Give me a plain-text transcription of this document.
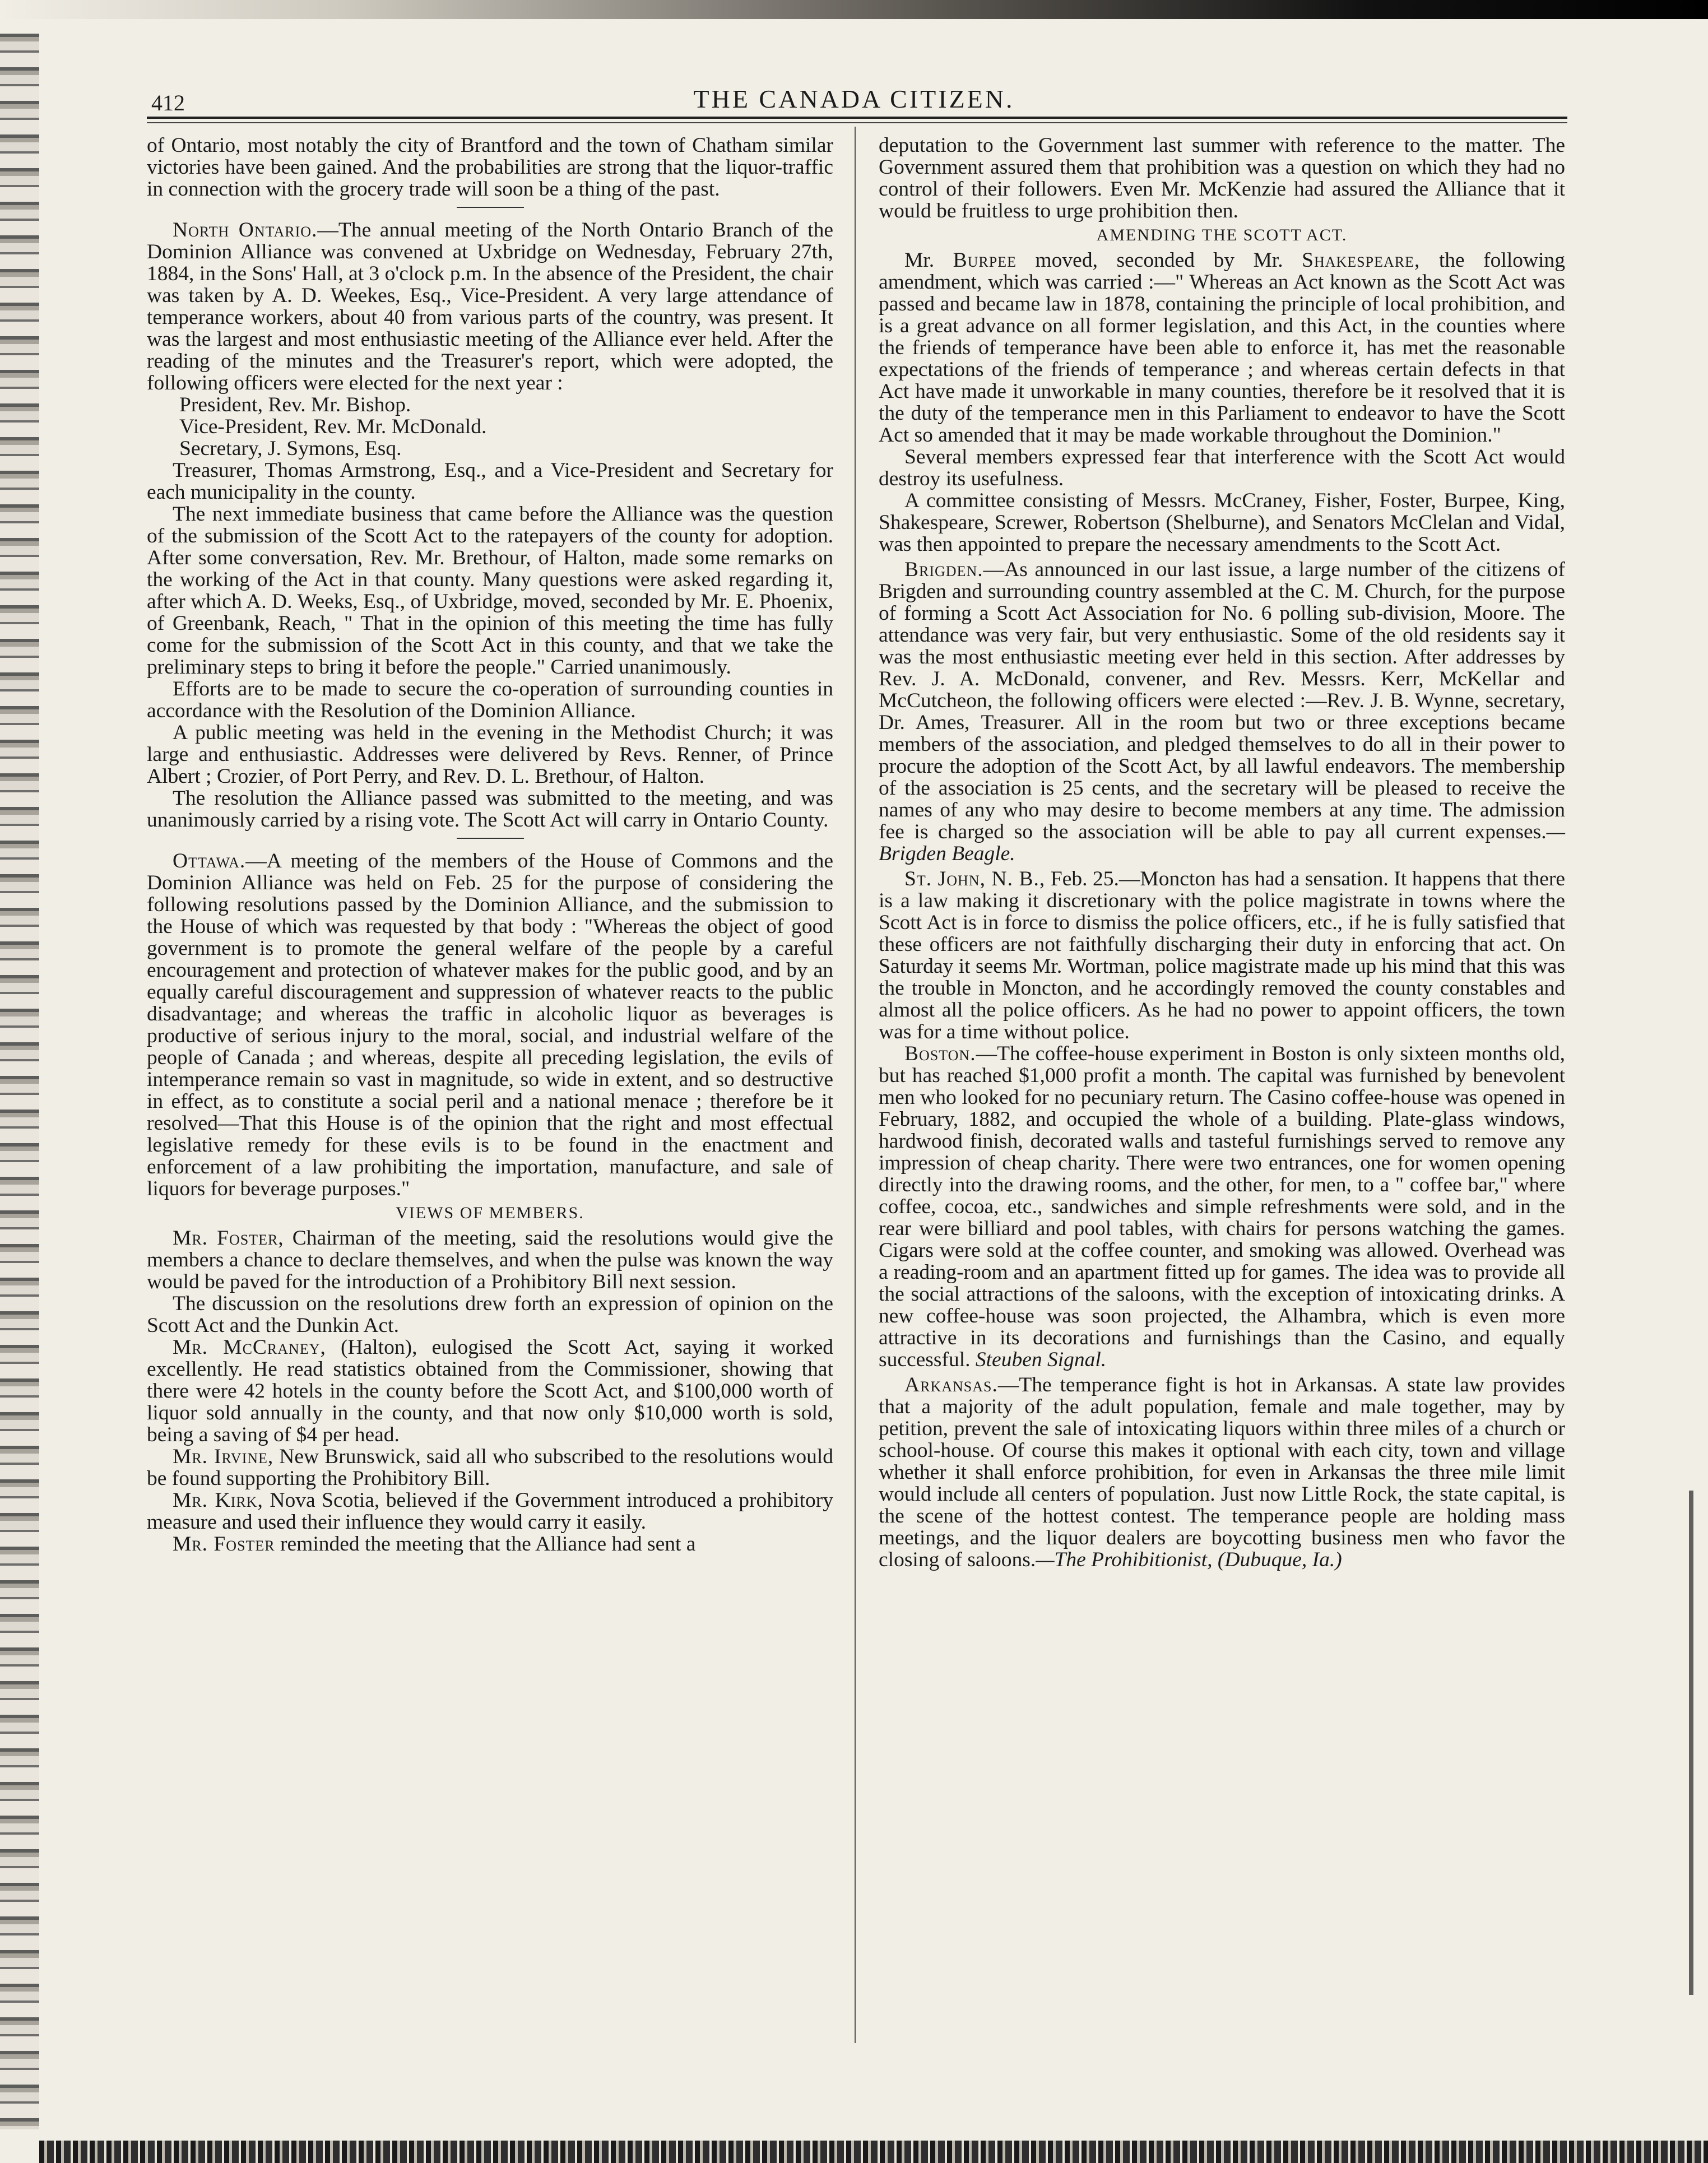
412	THE CANADA CITIZEN.

of Ontario, most notably the city of Brantford and the town of Chatham similar victories have been gained. And the probabilities are strong that the liquor-traffic in connection with the grocery trade will soon be a thing of the past.

North Ontario.—The annual meeting of the North Ontario Branch of the Dominion Alliance was convened at Uxbridge on Wednesday, February 27th, 1884, in the Sons' Hall, at 3 o'clock p.m. In the absence of the President, the chair was taken by A. D. Weekes, Esq., Vice-President. A very large attendance of temperance workers, about 40 from various parts of the country, was present. It was the largest and most enthusiastic meeting of the Alliance ever held. After the reading of the minutes and the Treasurer's report, which were adopted, the following officers were elected for the next year :

President, Rev. Mr. Bishop.

Vice-President, Rev. Mr. McDonald.

Secretary, J. Symons, Esq.

Treasurer, Thomas Armstrong, Esq., and a Vice-President and Secretary for each municipality in the county.

The next immediate business that came before the Alliance was the question of the submission of the Scott Act to the ratepayers of the county for adoption. After some conversation, Rev. Mr. Brethour, of Halton, made some remarks on the working of the Act in that county. Many questions were asked regarding it, after which A. D. Weeks, Esq., of Uxbridge, moved, seconded by Mr. E. Phoenix, of Greenbank, Reach, " That in the opinion of this meeting the time has fully come for the submission of the Scott Act in this county, and that we take the preliminary steps to bring it before the people." Carried unanimously.

Efforts are to be made to secure the co-operation of surrounding counties in accordance with the Resolution of the Dominion Alliance.

A public meeting was held in the evening in the Methodist Church; it was large and enthusiastic. Addresses were delivered by Revs. Renner, of Prince Albert ; Crozier, of Port Perry, and Rev. D. L. Brethour, of Halton.

The resolution the Alliance passed was submitted to the meeting, and was unanimously carried by a rising vote. The Scott Act will carry in Ontario County.

Ottawa.—A meeting of the members of the House of Commons and the Dominion Alliance was held on Feb. 25 for the purpose of considering the following resolutions passed by the Dominion Alliance, and the submission to the House of which was requested by that body : "Whereas the object of good government is to promote the general welfare of the people by a careful encouragement and protection of whatever makes for the public good, and by an equally careful discouragement and suppression of whatever reacts to the public disadvantage; and whereas the traffic in alcoholic liquor as beverages is productive of serious injury to the moral, social, and industrial welfare of the people of Canada ; and whereas, despite all preceding legislation, the evils of intemperance remain so vast in magnitude, so wide in extent, and so destructive in effect, as to constitute a social peril and a national menace ; therefore be it resolved—That this House is of the opinion that the right and most effectual legislative remedy for these evils is to be found in the enactment and enforcement of a law prohibiting the importation, manufacture, and sale of liquors for beverage purposes."

VIEWS OF MEMBERS.

Mr. Foster, Chairman of the meeting, said the resolutions would give the members a chance to declare themselves, and when the pulse was known the way would be paved for the introduction of a Prohibitory Bill next session.

The discussion on the resolutions drew forth an expression of opinion on the Scott Act and the Dunkin Act.

Mr. McCraney, (Halton), eulogised the Scott Act, saying it worked excellently. He read statistics obtained from the Commissioner, showing that there were 42 hotels in the county before the Scott Act, and $100,000 worth of liquor sold annually in the county, and that now only $10,000 worth is sold, being a saving of $4 per head.

Mr. Irvine, New Brunswick, said all who subscribed to the resolutions would be found supporting the Prohibitory Bill.

Mr. Kirk, Nova Scotia, believed if the Government introduced a prohibitory measure and used their influence they would carry it easily.

Mr. Foster reminded the meeting that the Alliance had sent a

deputation to the Government last summer with reference to the matter. The Government assured them that prohibition was a question on which they had no control of their followers. Even Mr. McKenzie had assured the Alliance that it would be fruitless to urge prohibition then.

AMENDING THE SCOTT ACT.

Mr. Burpee moved, seconded by Mr. Shakespeare, the following amendment, which was carried :—" Whereas an Act known as the Scott Act was passed and became law in 1878, containing the principle of local prohibition, and is a great advance on all former legislation, and this Act, in the counties where the friends of temperance have been able to enforce it, has met the reasonable expectations of the friends of temperance ; and whereas certain defects in that Act have made it unworkable in many counties, therefore be it resolved that it is the duty of the temperance men in this Parliament to endeavor to have the Scott Act so amended that it may be made workable throughout the Dominion."

Several members expressed fear that interference with the Scott Act would destroy its usefulness.

A committee consisting of Messrs. McCraney, Fisher, Foster, Burpee, King, Shakespeare, Screwer, Robertson (Shelburne), and Senators McClelan and Vidal, was then appointed to prepare the necessary amendments to the Scott Act.

Brigden.—As announced in our last issue, a large number of the citizens of Brigden and surrounding country assembled at the C. M. Church, for the purpose of forming a Scott Act Association for No. 6 polling sub-division, Moore. The attendance was very fair, but very enthusiastic. Some of the old residents say it was the most enthusiastic meeting ever held in this section. After addresses by Rev. J. A. McDonald, convener, and Rev. Messrs. Kerr, McKellar and McCutcheon, the following officers were elected :—Rev. J. B. Wynne, secretary, Dr. Ames, Treasurer. All in the room but two or three exceptions became members of the association, and pledged themselves to do all in their power to procure the adoption of the Scott Act, by all lawful endeavors. The membership of the association is 25 cents, and the secretary will be pleased to receive the names of any who may desire to become members at any time. The admission fee is charged so the association will be able to pay all current expenses.—Brigden Beagle.

St. John, N. B., Feb. 25.—Moncton has had a sensation. It happens that there is a law making it discretionary with the police magistrate in towns where the Scott Act is in force to dismiss the police officers, etc., if he is fully satisfied that these officers are not faithfully discharging their duty in enforcing that act. On Saturday it seems Mr. Wortman, police magistrate made up his mind that this was the trouble in Moncton, and he accordingly removed the county constables and almost all the police officers. As he had no power to appoint officers, the town was for a time without police.

Boston.—The coffee-house experiment in Boston is only sixteen months old, but has reached $1,000 profit a month. The capital was furnished by benevolent men who looked for no pecuniary return. The Casino coffee-house was opened in February, 1882, and occupied the whole of a building. Plate-glass windows, hardwood finish, decorated walls and tasteful furnishings served to remove any impression of cheap charity. There were two entrances, one for women opening directly into the drawing rooms, and the other, for men, to a " coffee bar," where coffee, cocoa, etc., sandwiches and simple refreshments were sold, and in the rear were billiard and pool tables, with chairs for persons watching the games. Cigars were sold at the coffee counter, and smoking was allowed. Overhead was a reading-room and an apartment fitted up for games. The idea was to provide all the social attractions of the saloons, with the exception of intoxicating drinks. A new coffee-house was soon projected, the Alhambra, which is even more attractive in its decorations and furnishings than the Casino, and equally successful. Steuben Signal.

Arkansas.—The temperance fight is hot in Arkansas. A state law provides that a majority of the adult population, female and male together, may by petition, prevent the sale of intoxicating liquors within three miles of a church or school-house. Of course this makes it optional with each city, town and village whether it shall enforce prohibition, for even in Arkansas the three mile limit would include all centers of population. Just now Little Rock, the state capital, is the scene of the hottest contest. The temperance people are holding mass meetings, and the liquor dealers are boycotting business men who favor the closing of saloons.—The Prohibitionist, (Dubuque, Ia.)
